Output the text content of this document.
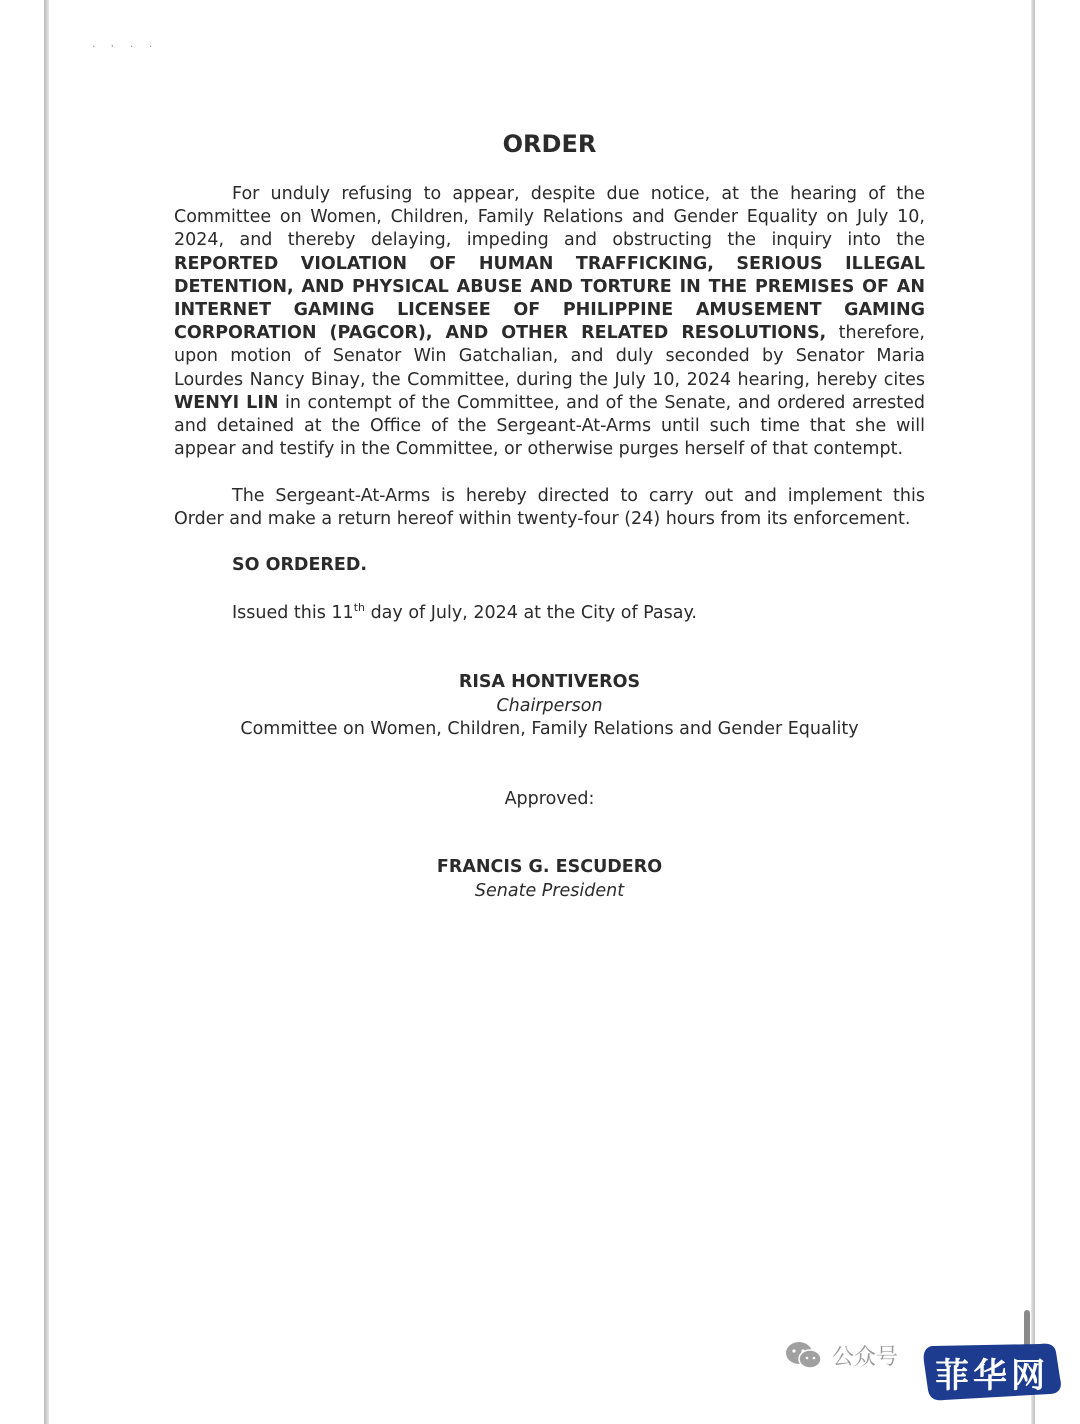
· ˒ · ·
ORDER

For unduly refusing to appear, despite due notice, at the hearing of the Committee on Women, Children, Family Relations and Gender Equality on July 10, 2024, and thereby delaying, impeding and obstructing the inquiry into the REPORTED VIOLATION OF HUMAN TRAFFICKING, SERIOUS ILLEGAL DETENTION, AND PHYSICAL ABUSE AND TORTURE IN THE PREMISES OF AN INTERNET GAMING LICENSEE OF PHILIPPINE AMUSEMENT GAMING CORPORATION (PAGCOR), AND OTHER RELATED RESOLUTIONS, therefore, upon motion of Senator Win Gatchalian, and duly seconded by Senator Maria Lourdes Nancy Binay, the Committee, during the July 10, 2024 hearing, hereby cites WENYI LIN in contempt of the Committee, and of the Senate, and ordered arrested and detained at the Office of the Sergeant-At-Arms until such time that she will appear and testify in the Committee, or otherwise purges herself of that contempt.

The Sergeant-At-Arms is hereby directed to carry out and implement this Order and make a return hereof within twenty-four (24) hours from its enforcement.

SO ORDERED.
Issued this 11th day of July, 2024 at the City of Pasay.
RISA HONTIVEROS
Chairperson
Committee on Women, Children, Family Relations and Gender Equality
Approved:
FRANCIS G. ESCUDERO
Senate President
公众号	菲华网
